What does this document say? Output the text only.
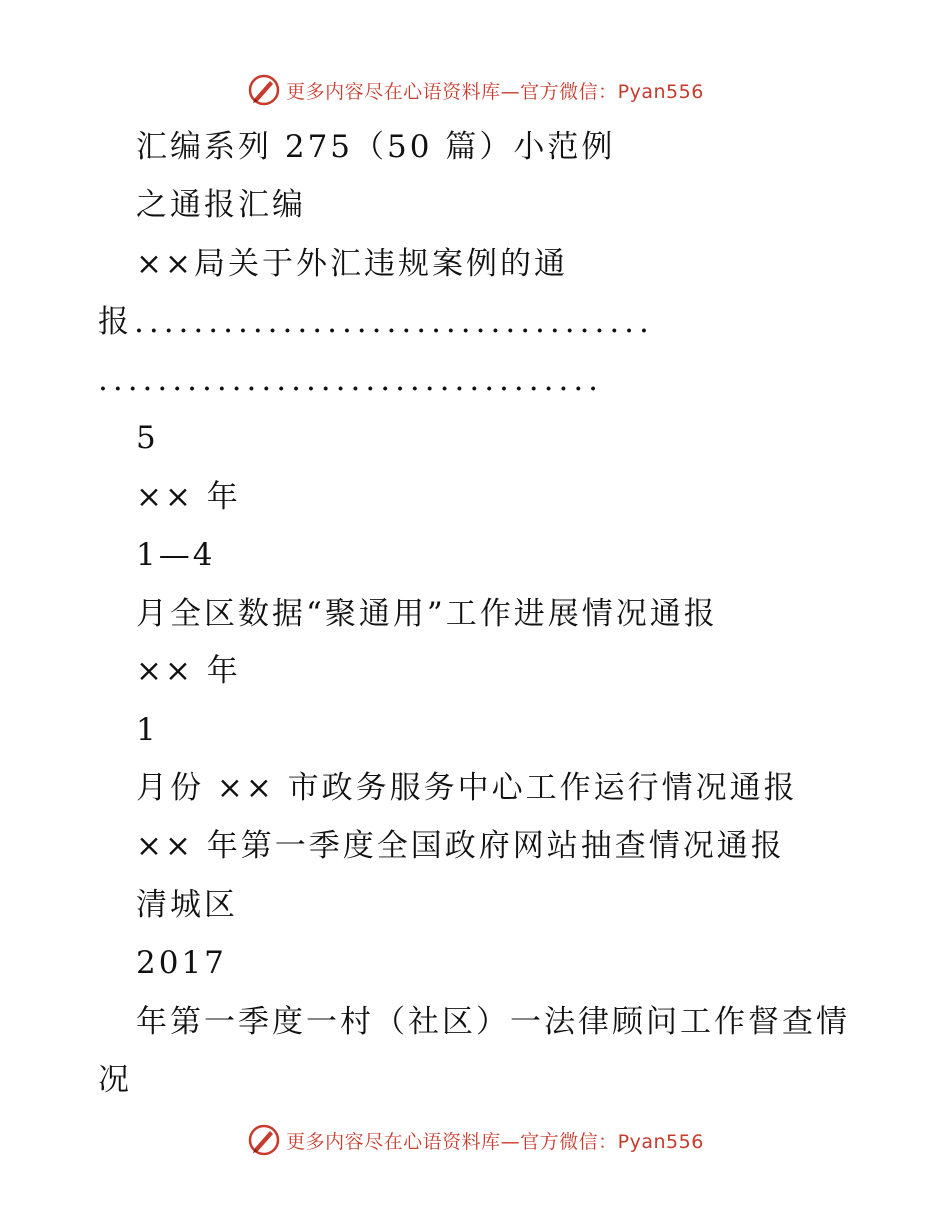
更多内容尽在心语资料库—官方微信：Pyan556
汇编系列 275（50 篇）小范例
之通报汇编
××局关于外汇违规案例的通
报...................................
..................................
5
×× 年
1—4
月全区数据“聚通用”工作进展情况通报
×× 年
1
月份 ×× 市政务服务中心工作运行情况通报
×× 年第一季度全国政府网站抽查情况通报
清城区
2017
年第一季度一村（社区）一法律顾问工作督查情
况
更多内容尽在心语资料库—官方微信：Pyan556
